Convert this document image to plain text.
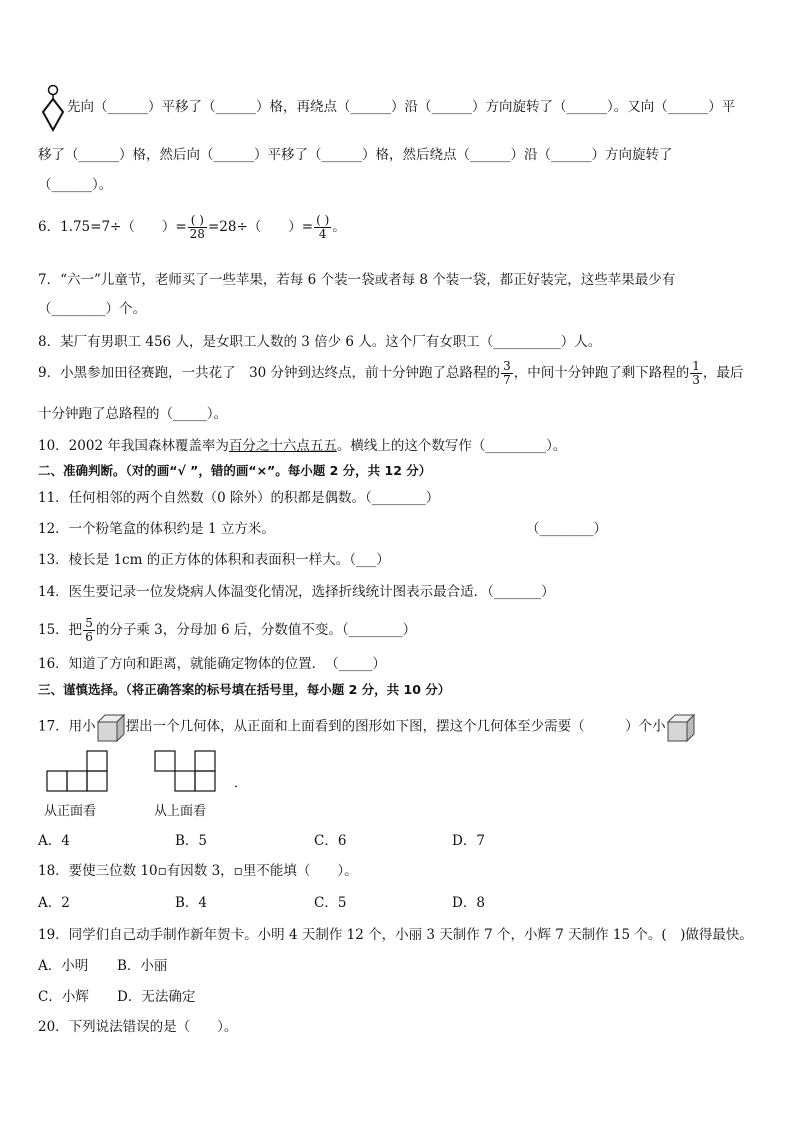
先向（______）平移了（______）格，再绕点（______）沿（______）方向旋转了（______）。又向（______）平
移了（______）格，然后向（______）平移了（______）格，然后绕点（______）沿（______）方向旋转了
（______）。
6．1.75=7÷（　　）= $\frac{( )}{28} =28\div$（　　）= $\frac{( )}{4}$ 。
7．“六一”儿童节，老师买了一些苹果，若每 6 个装一袋或者每 8 个装一袋，都正好装完，这些苹果最少有
（________）个。
8．某厂有男职工 456 人，是女职工人数的 3 倍少 6 人。这个厂有女职工（__________）人。
9．小黑参加田径赛跑，一共花了　30 分钟到达终点，前十分钟跑了总路程的 $\frac{3}{7}$ ，中间十分钟跑了剩下路程的 $\frac{1}{3}$ ，最后
十分钟跑了总路程的（_____）。
10．2002 年我国森林覆盖率为百分之十六点五五。横线上的这个数写作（_________）。
二、准确判断。（对的画“√ ”，错的画“×”。每小题 2 分，共 12 分）
11．任何相邻的两个自然数（0 除外）的积都是偶数。（________）
12．一个粉笔盒的体积约是 1 立方米。	（________）
13．棱长是 1cm 的正方体的体积和表面积一样大。（___）
14．医生要记录一位发烧病人体温变化情况，选择折线统计图表示最合适．（_______）
15．把 $\frac{5}{6}$ 的分子乘 3，分母加 6 后，分数值不变。（________）
16．知道了方向和距离，就能确定物体的位置．　（_____）
三、谨慎选择。（将正确答案的标号填在括号里，每小题 2 分，共 10 分）
17．用小 摆出一个几何体，从正面和上面看到的图形如下图，摆这个几何体至少需要（　　　）个小
从正面看	从上面看
．
A．4	B．5	C．6	D．7
18．要使三位数 10▫有因数 3，▫里不能填（　　）。
A．2	B．4	C．5	D．8
19．同学们自己动手制作新年贺卡。小明 4 天制作 12 个，小丽 3 天制作 7 个，小辉 7 天制作 15 个。(　)做得最快。
A．小明 B．小丽
C．小辉 D．无法确定
20．下列说法错误的是（　　）。
